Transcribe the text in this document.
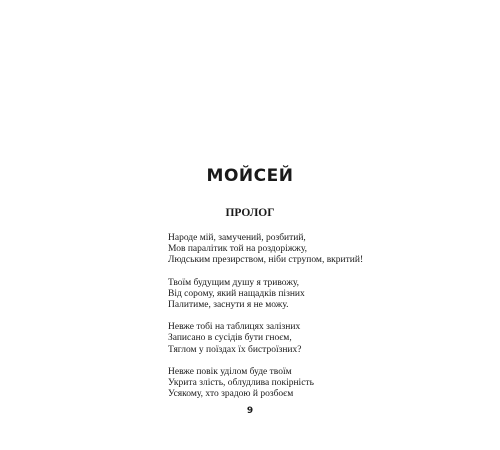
МОЙСЕЙ
ПРОЛОГ
Народе мій, замучений, розбитий,
Мов паралітик той на роздоріжжу,
Людським презирством, ніби струпом, вкритий!
Твоїм будущим душу я тривожу,
Від сорому, який нащадків пізних
Палитиме, заснути я не можу.
Невже тобі на таблицях залізних
Записано в сусідів бути гноєм,
Тяглом у поїздах їх бистроїзних?
Невже повік уділом буде твоїм
Укрита злість, облудлива покірність
Усякому, хто зрадою й розбоєм
9
